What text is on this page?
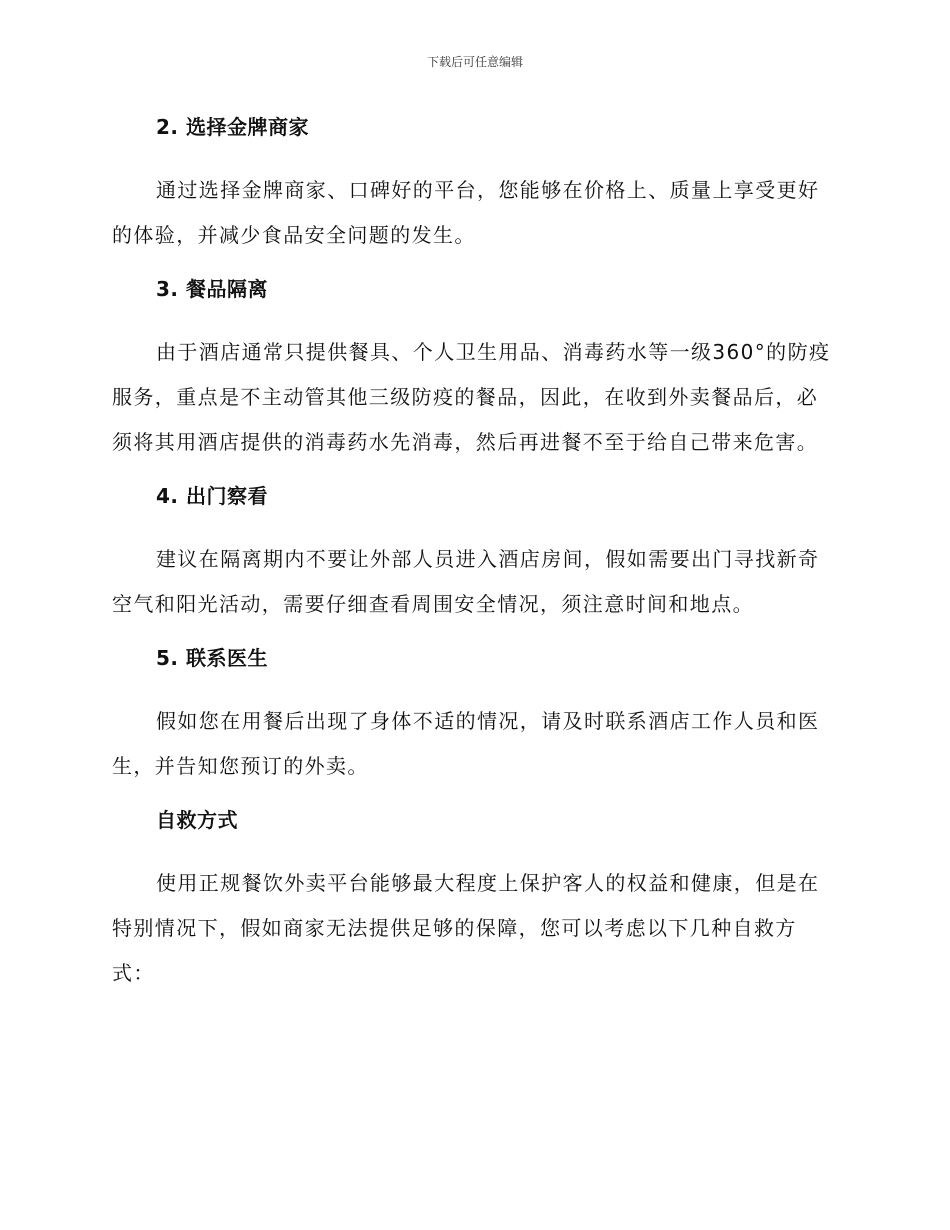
下载后可任意编辑
2. 选择金牌商家

通过选择金牌商家、口碑好的平台，您能够在价格上、质量上享受更好的体验，并减少食品安全问题的发生。

3. 餐品隔离

由于酒店通常只提供餐具、个人卫生用品、消毒药水等一级360°的防疫服务，重点是不主动管其他三级防疫的餐品，因此，在收到外卖餐品后，必须将其用酒店提供的消毒药水先消毒，然后再进餐不至于给自己带来危害。

4. 出门察看

建议在隔离期内不要让外部人员进入酒店房间，假如需要出门寻找新奇空气和阳光活动，需要仔细查看周围安全情况，须注意时间和地点。

5. 联系医生

假如您在用餐后出现了身体不适的情况，请及时联系酒店工作人员和医生，并告知您预订的外卖。

自救方式

使用正规餐饮外卖平台能够最大程度上保护客人的权益和健康，但是在特别情况下，假如商家无法提供足够的保障，您可以考虑以下几种自救方式：
